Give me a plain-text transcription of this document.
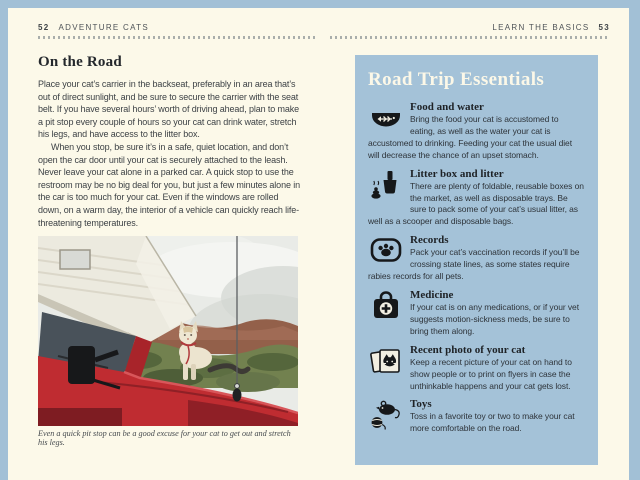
52 ADVENTURE CATS	LEARN THE BASICS 53
On the Road

Place your cat’s carrier in the backseat, preferably in an area that’s out of direct sunlight, and be sure to secure the carrier with the seat belt. If you have several hours’ worth of driving ahead, plan to make a pit stop every couple of hours so your cat can drink water, stretch his legs, and have access to the litter box.

When you stop, be sure it’s in a safe, quiet location, and don’t open the car door until your cat is securely attached to the leash. Never leave your cat alone in a parked car. A quick stop to use the restroom may be no big deal for you, but just a few minutes alone in the car is too much for your cat. Even if the windows are rolled down, on a warm day, the interior of a vehicle can quickly reach life-threatening temperatures.

Even a quick pit stop can be a good excuse for your cat to get out and stretch his legs.
Road Trip Essentials
Food and water

Bring the food your cat is accustomed to eating, as well as the water your cat is accustomed to drinking. Feeding your cat the usual diet will decrease the chance of an upset stomach.

Litter box and litter

There are plenty of foldable, reusable boxes on the market, as well as disposable trays. Be sure to pack some of your cat’s usual litter, as well as a scooper and disposable bags.

Records

Pack your cat’s vaccination records if you’ll be crossing state lines, as some states require rabies records for all pets.

Medicine

If your cat is on any medications, or if your vet suggests motion-sickness meds, be sure to bring them along.

Recent photo of your cat

Keep a recent picture of your cat on hand to show people or to print on flyers in case the unthinkable happens and your cat gets lost.

Toys

Toss in a favorite toy or two to make your cat more comfortable on the road.
